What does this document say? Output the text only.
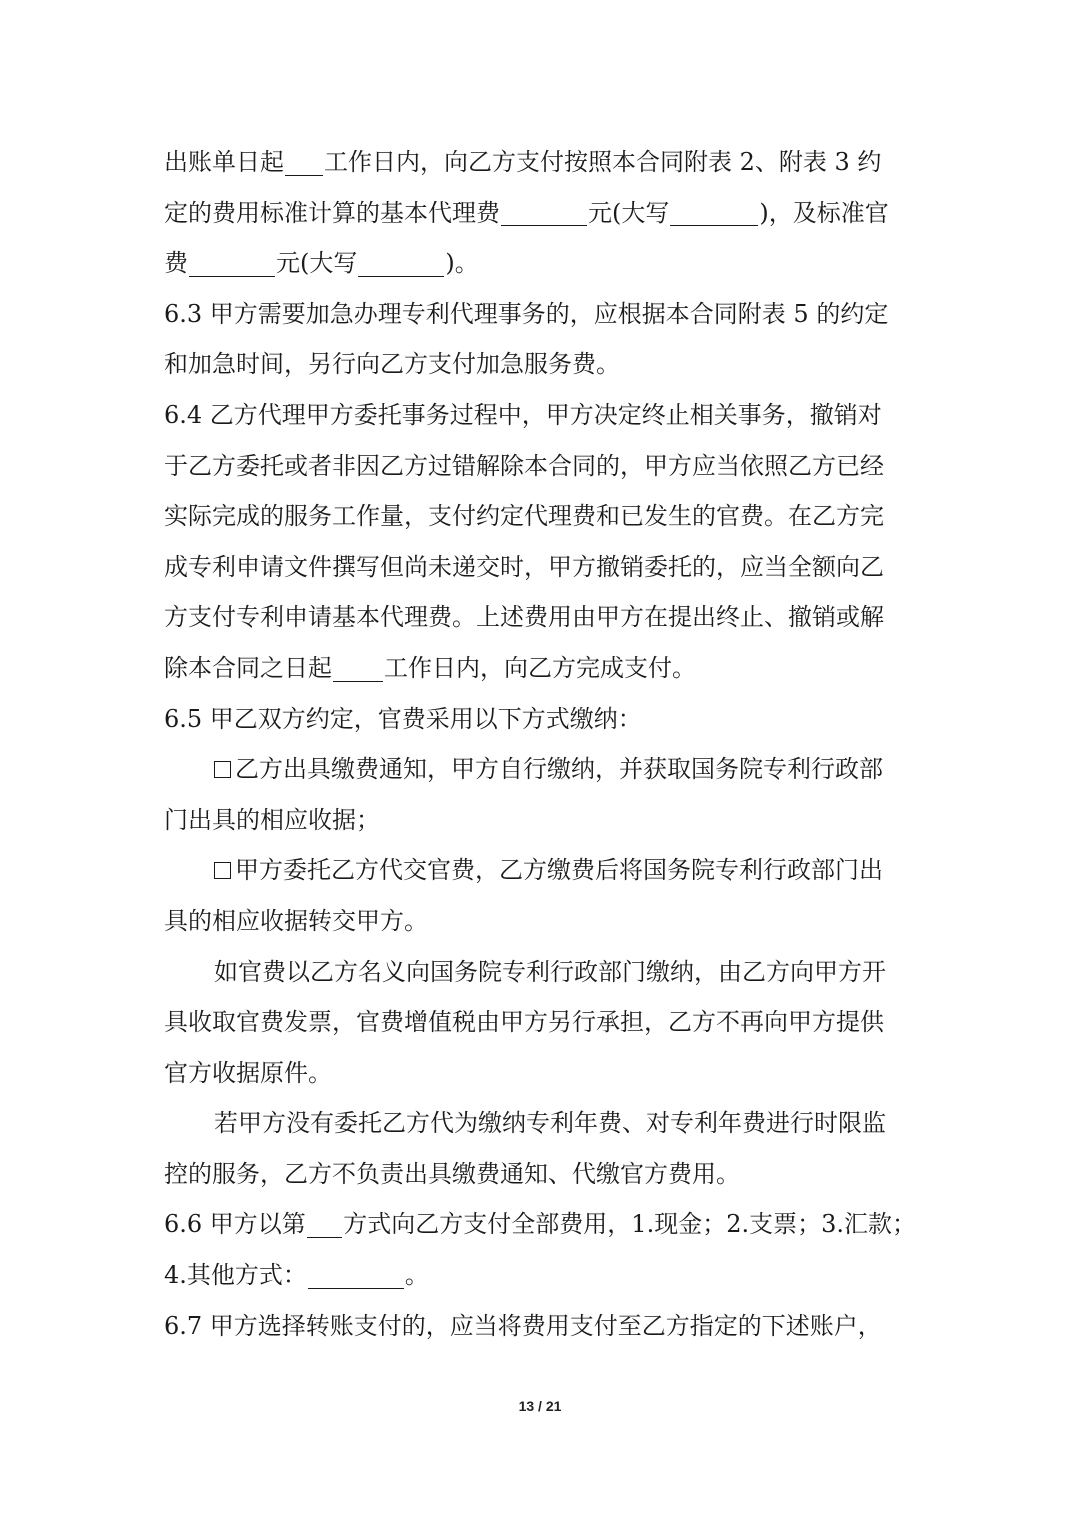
出账单日起 工作日内，向乙方支付按照本合同附表 2、附表 3 约
定的费用标准计算的基本代理费	元(大写	)，及标准官
费	元(大写	)。
6.3 甲方需要加急办理专利代理事务的，应根据本合同附表 5 的约定
和加急时间，另行向乙方支付加急服务费。
6.4 乙方代理甲方委托事务过程中，甲方决定终止相关事务，撤销对
于乙方委托或者非因乙方过错解除本合同的，甲方应当依照乙方已经
实际完成的服务工作量，支付约定代理费和已发生的官费。在乙方完
成专利申请文件撰写但尚未递交时，甲方撤销委托的，应当全额向乙
方支付专利申请基本代理费。上述费用由甲方在提出终止、撤销或解
除本合同之日起 工作日内，向乙方完成支付。
6.5 甲乙双方约定，官费采用以下方式缴纳：
乙方出具缴费通知，甲方自行缴纳，并获取国务院专利行政部
门出具的相应收据；
甲方委托乙方代交官费，乙方缴费后将国务院专利行政部门出
具的相应收据转交甲方。
如官费以乙方名义向国务院专利行政部门缴纳，由乙方向甲方开
具收取官费发票，官费增值税由甲方另行承担，乙方不再向甲方提供
官方收据原件。
若甲方没有委托乙方代为缴纳专利年费、对专利年费进行时限监
控的服务，乙方不负责出具缴费通知、代缴官方费用。
6.6 甲方以第 方式向乙方支付全部费用，1.现金；2.支票；3.汇款；
4.其他方式：	。
6.7 甲方选择转账支付的，应当将费用支付至乙方指定的下述账户，
13 / 21
